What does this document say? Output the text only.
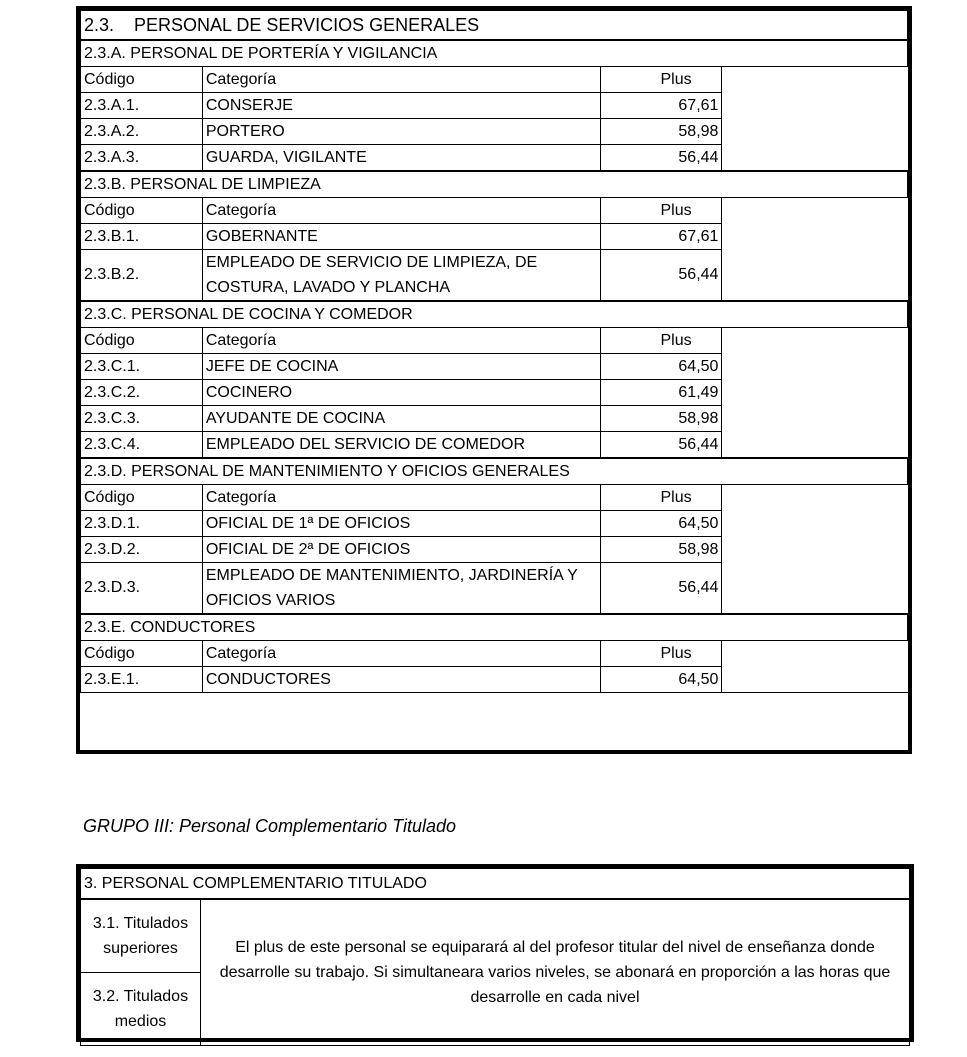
2.3. PERSONAL DE SERVICIOS GENERALES			
2.3.A. PERSONAL DE PORTERÍA Y VIGILANCIA			
Código	Categoría	Plus	
2.3.A.1.	CONSERJE	67,61	
2.3.A.2.	PORTERO	58,98	
2.3.A.3.	GUARDA, VIGILANTE	56,44	
2.3.B. PERSONAL DE LIMPIEZA			
Código	Categoría	Plus	
2.3.B.1.	GOBERNANTE	67,61	
2.3.B.2.	EMPLEADO DE SERVICIO DE LIMPIEZA, DE COSTURA, LAVADO Y PLANCHA	56,44	
2.3.C. PERSONAL DE COCINA Y COMEDOR			
Código	Categoría	Plus	
2.3.C.1.	JEFE DE COCINA	64,50	
2.3.C.2.	COCINERO	61,49	
2.3.C.3.	AYUDANTE DE COCINA	58,98	
2.3.C.4.	EMPLEADO DEL SERVICIO DE COMEDOR	56,44	
2.3.D. PERSONAL DE MANTENIMIENTO Y OFICIOS GENERALES			
Código	Categoría	Plus	
2.3.D.1.	OFICIAL DE 1ª DE OFICIOS	64,50	
2.3.D.2.	OFICIAL DE 2ª DE OFICIOS	58,98	
2.3.D.3.	EMPLEADO DE MANTENIMIENTO, JARDINERÍA Y OFICIOS VARIOS	56,44	
2.3.E. CONDUCTORES			
Código	Categoría	Plus	
2.3.E.1.	CONDUCTORES	64,50	

GRUPO III: Personal Complementario Titulado
3. PERSONAL COMPLEMENTARIO TITULADO
3.1. Titulados superiores	El plus de este personal se equiparará al del profesor titular del nivel de enseñanza donde desarrolle su trabajo. Si simultaneara varios niveles, se abonará en proporción a las horas que desarrolle en cada nivel
3.2. Titulados medios
